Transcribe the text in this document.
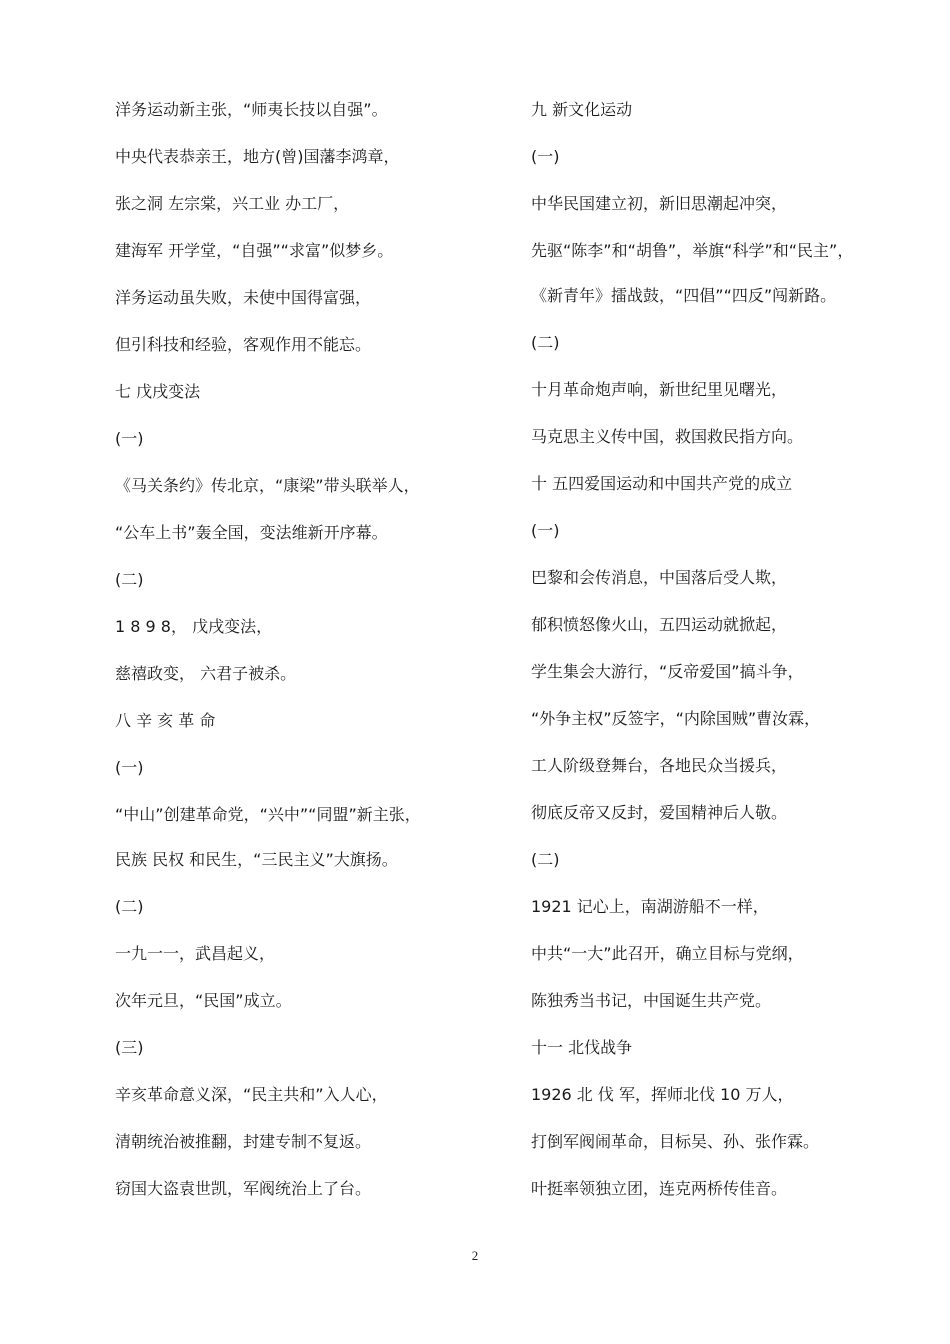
洋务运动新主张，“师夷长技以自强”。

中央代表恭亲王，地方(曾)国藩李鸿章，

张之洞 左宗棠，兴工业 办工厂，

建海军 开学堂，“自强”“求富”似梦乡。

洋务运动虽失败，未使中国得富强，

但引科技和经验，客观作用不能忘。

七 戊戌变法

(一)

《马关条约》传北京，“康梁”带头联举人，

“公车上书”轰全国，变法维新开序幕。

(二)

1 8 9 8， 戊戌变法，

慈禧政变， 六君子被杀。

八 辛 亥 革 命

(一)

“中山”创建革命党，“兴中”“同盟”新主张，

民族 民权 和民生，“三民主义”大旗扬。

(二)

一九一一，武昌起义，

次年元旦，“民国”成立。

(三)

辛亥革命意义深，“民主共和”入人心，

清朝统治被推翻，封建专制不复返。

窃国大盗袁世凯，军阀统治上了台。

九 新文化运动

(一)

中华民国建立初，新旧思潮起冲突，

先驱“陈李”和“胡鲁”，举旗“科学”和“民主”，

《新青年》擂战鼓，“四倡”“四反”闯新路。

(二)

十月革命炮声响，新世纪里见曙光，

马克思主义传中国，救国救民指方向。

十 五四爱国运动和中国共产党的成立

(一)

巴黎和会传消息，中国落后受人欺，

郁积愤怒像火山，五四运动就掀起，

学生集会大游行，“反帝爱国”搞斗争，

“外争主权”反签字，“内除国贼”曹汝霖，

工人阶级登舞台，各地民众当援兵，

彻底反帝又反封，爱国精神后人敬。

(二)

1921 记心上，南湖游船不一样，

中共“一大”此召开，确立目标与党纲，

陈独秀当书记，中国诞生共产党。

十一 北伐战争

1926 北 伐 军，挥师北伐 10 万人，

打倒军阀闹革命，目标吴、孙、张作霖。

叶挺率领独立团，连克两桥传佳音。

2
